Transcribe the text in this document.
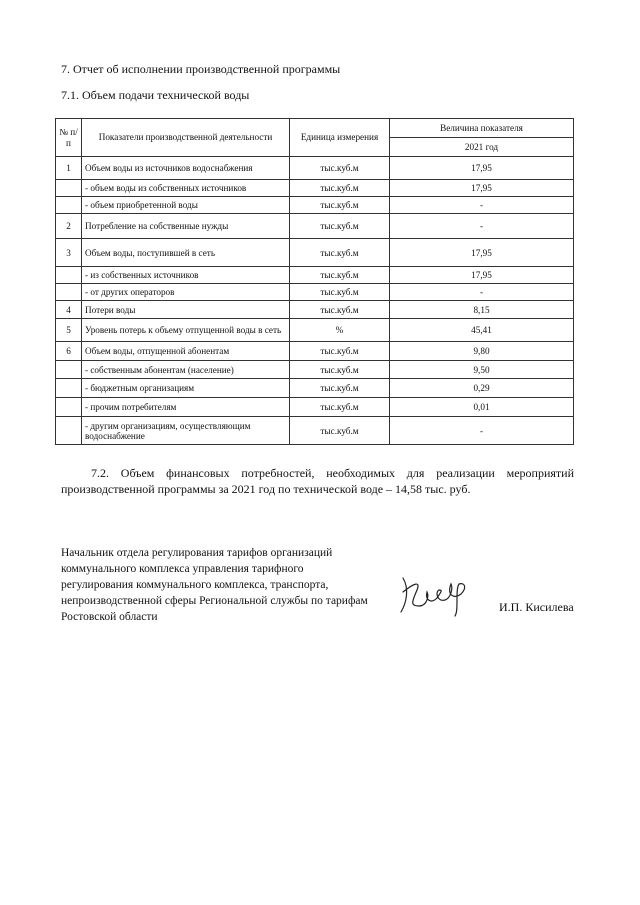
7. Отчет об исполнении производственной программы
7.1. Объем подачи технической воды
№ п/п	Показатели производственной деятельности	Единица измерения	Величина показателя
			2021 год
1	Объем воды из источников водоснабжения	тыс.куб.м	17,95
	- объем воды из собственных источников	тыс.куб.м	17,95
	- объем приобретенной воды	тыс.куб.м	-
2	Потребление на собственные нужды	тыс.куб.м	-
3	Объем воды, поступившей в сеть	тыс.куб.м	17,95
	- из собственных источников	тыс.куб.м	17,95
	- от других операторов	тыс.куб.м	-
4	Потери воды	тыс.куб.м	8,15
5	Уровень потерь к объему отпущенной воды в сеть	%	45,41
6	Объем воды, отпущенной абонентам	тыс.куб.м	9,80
	- собственным абонентам (население)	тыс.куб.м	9,50
	- бюджетным организациям	тыс.куб.м	0,29
	- прочим потребителям	тыс.куб.м	0,01
	- другим организациям, осуществляющим водоснабжение	тыс.куб.м	-
7.2. Объем финансовых потребностей, необходимых для реализации мероприятий производственной программы за 2021 год по технической воде – 14,58 тыс. руб.
Начальник отдела регулирования тарифов организаций коммунального комплекса управления тарифного регулирования коммунального комплекса, транспорта, непроизводственной сферы Региональной службы по тарифам Ростовской области
И.П. Кисилева
